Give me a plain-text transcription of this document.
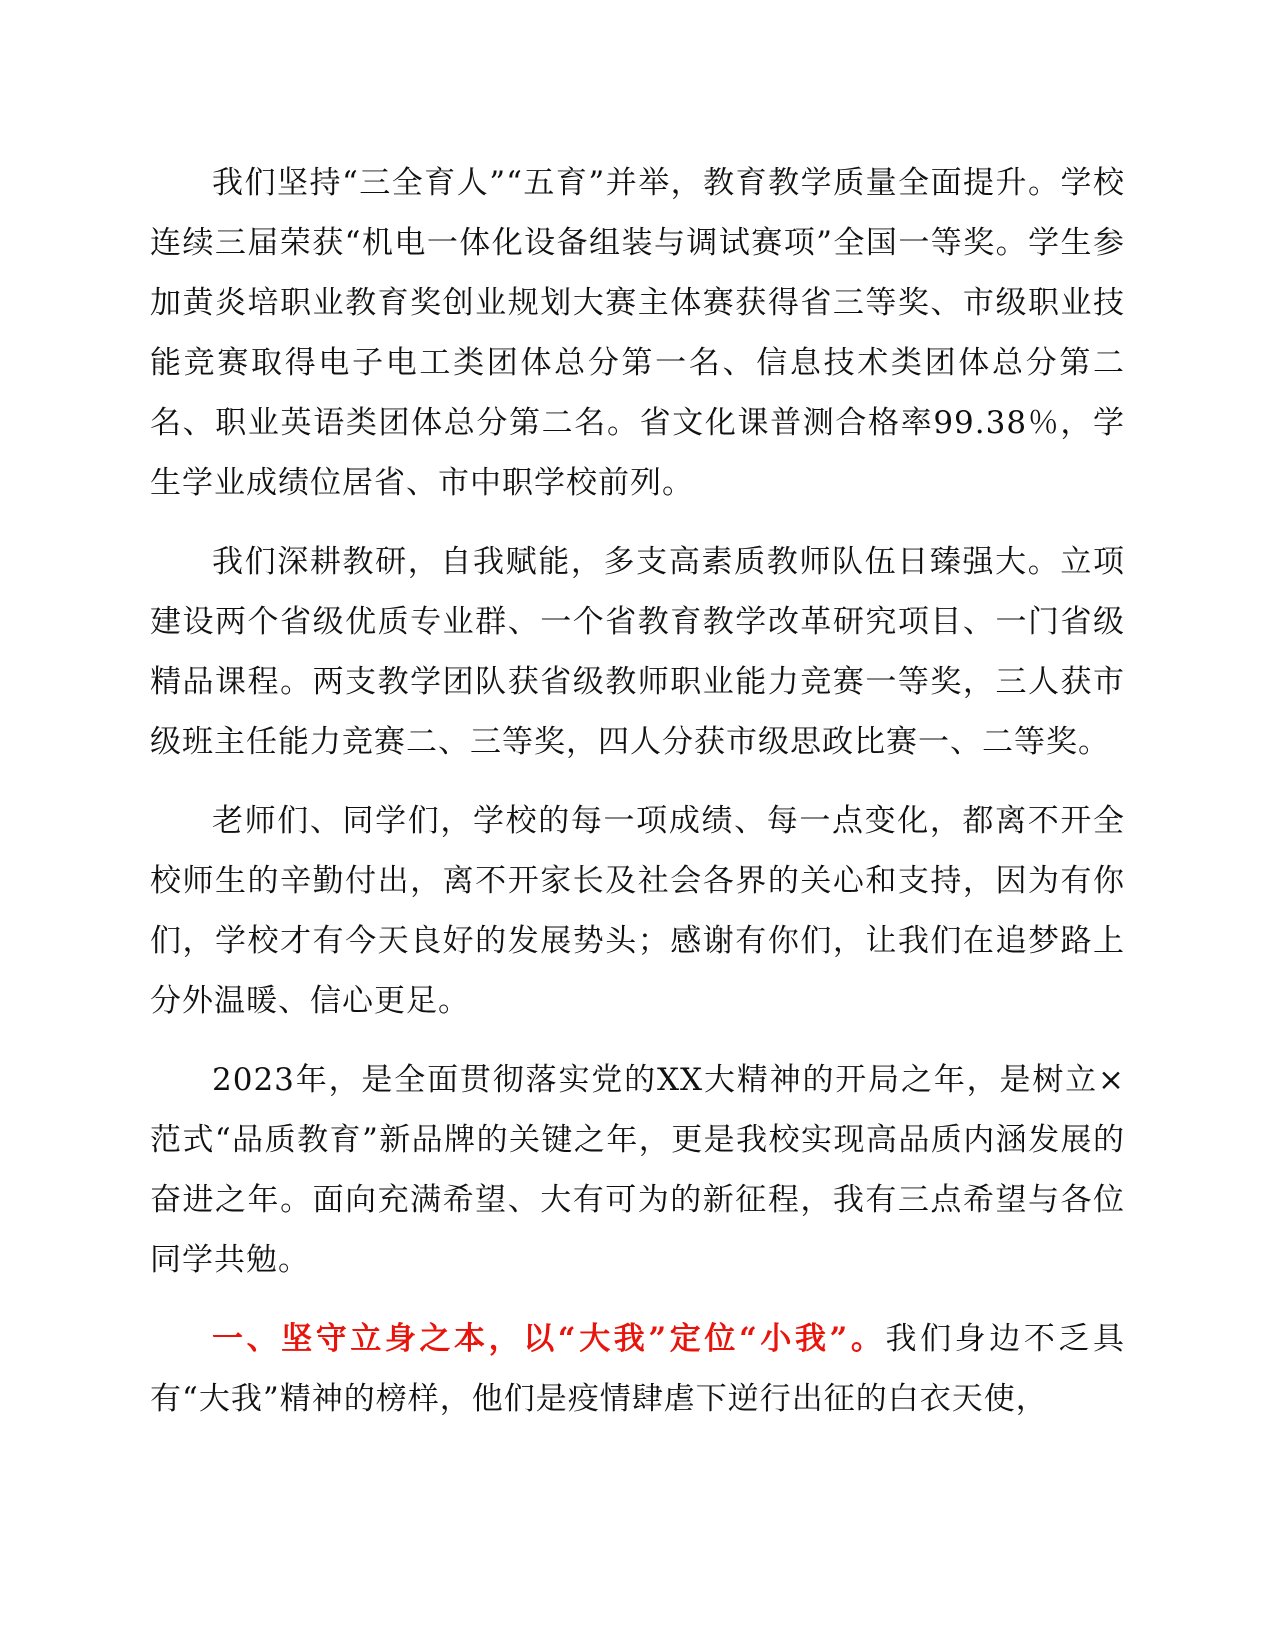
我们坚持“三全育人”“五育”并举，教育教学质量全面提升。学校连续三届荣获“机电一体化设备组装与调试赛项”全国一等奖。学生参加黄炎培职业教育奖创业规划大赛主体赛获得省三等奖、市级职业技能竞赛取得电子电工类团体总分第一名、信息技术类团体总分第二名、职业英语类团体总分第二名。省文化课普测合格率99.38％，学生学业成绩位居省、市中职学校前列。

我们深耕教研，自我赋能，多支高素质教师队伍日臻强大。立项建设两个省级优质专业群、一个省教育教学改革研究项目、一门省级精品课程。两支教学团队获省级教师职业能力竞赛一等奖，三人获市级班主任能力竞赛二、三等奖，四人分获市级思政比赛一、二等奖。

老师们、同学们，学校的每一项成绩、每一点变化，都离不开全校师生的辛勤付出，离不开家长及社会各界的关心和支持，因为有你们，学校才有今天良好的发展势头；感谢有你们，让我们在追梦路上分外温暖、信心更足。

2023年，是全面贯彻落实党的XX大精神的开局之年，是树立×范式“品质教育”新品牌的关键之年，更是我校实现高品质内涵发展的奋进之年。面向充满希望、大有可为的新征程，我有三点希望与各位同学共勉。

一、坚守立身之本，以“大我”定位“小我”。我们身边不乏具有“大我”精神的榜样，他们是疫情肆虐下逆行出征的白衣天使，
